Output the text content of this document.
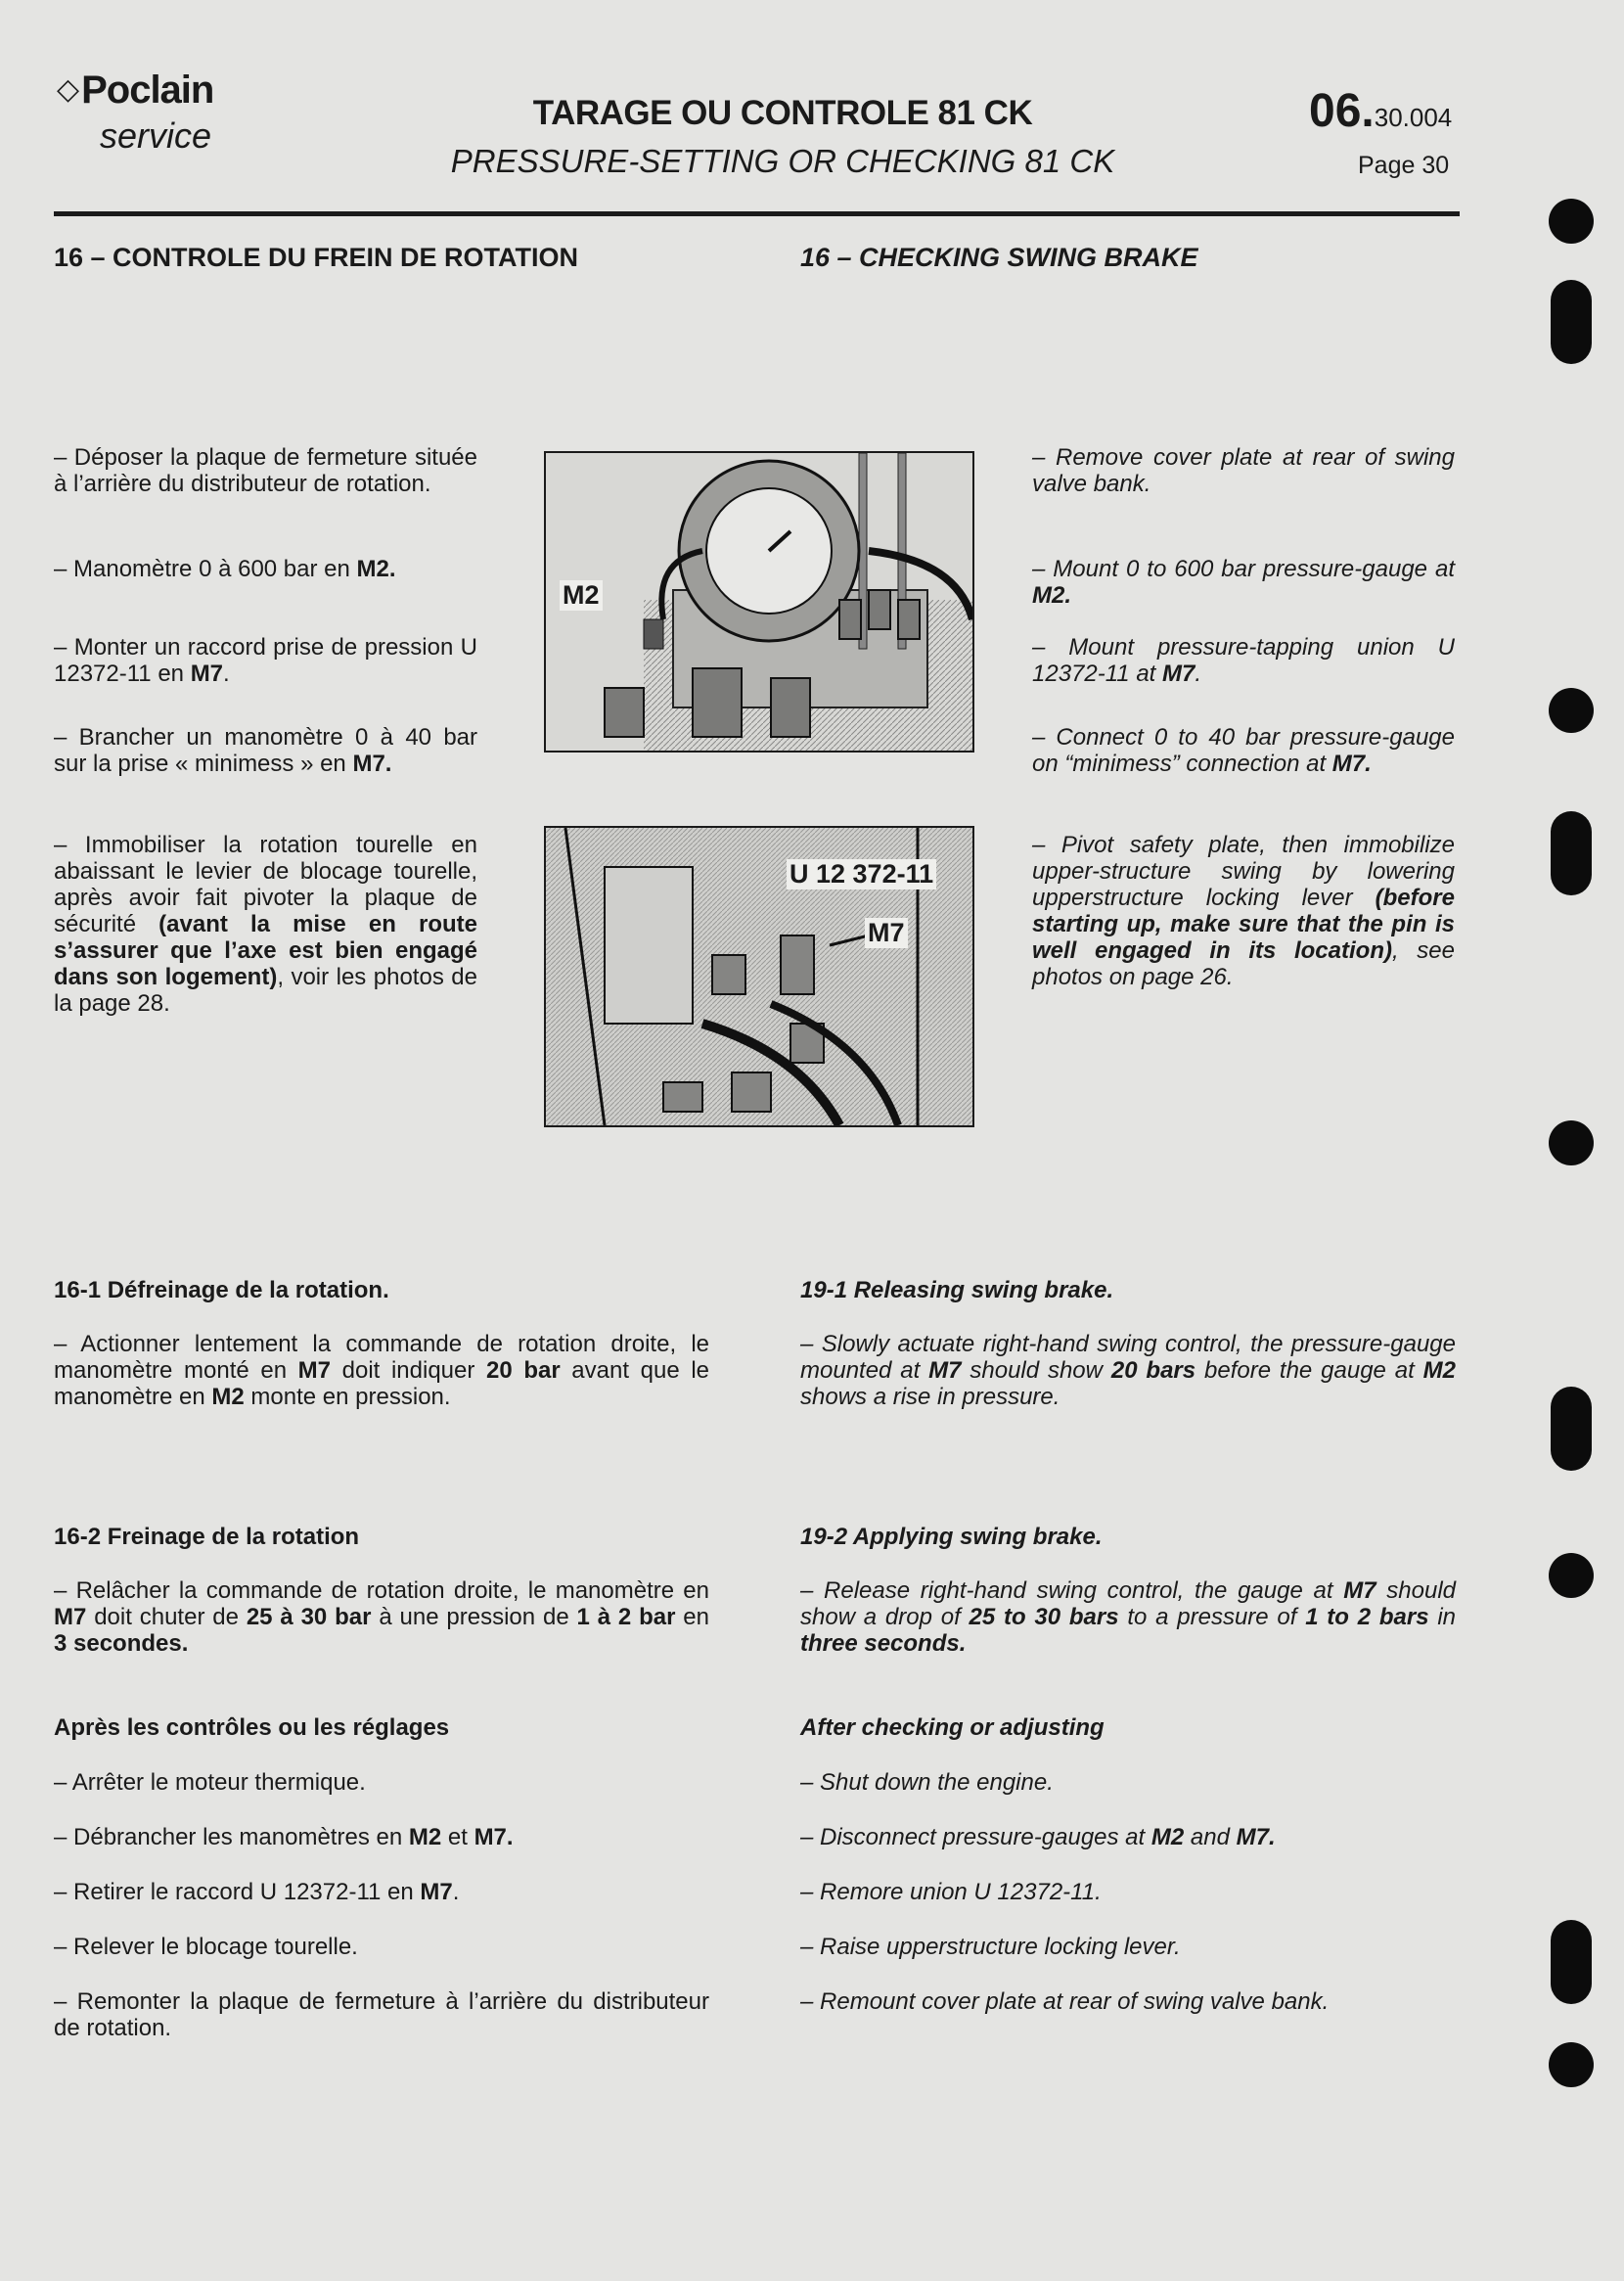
◇Poclain
service
TARAGE OU CONTROLE 81 CK
PRESSURE-SETTING OR CHECKING 81 CK
06.30.004
Page 30
16 – CONTROLE DU FREIN DE ROTATION	16 – CHECKING SWING BRAKE
– Déposer la plaque de fermeture située à l’arrière du distributeur de rotation.
– Manomètre 0 à 600 bar en M2.
– Monter un raccord prise de pression U 12372-11 en M7.
– Brancher un manomètre 0 à 40 bar sur la prise « minimess » en M7.
– Immobiliser la rotation tourelle en abaissant le levier de blocage tourelle, après avoir fait pivoter la plaque de sécurité (avant la mise en route s’assurer que l’axe est bien engagé dans son logement), voir les photos de la page 28.
M2
U 12 372-11
M7
– Remove cover plate at rear of swing valve bank.
– Mount 0 to 600 bar pressure-gauge at M2.
– Mount pressure-tapping union U 12372-11 at M7.
– Connect 0 to 40 bar pressure-gauge on “minimess” connection at M7.
– Pivot safety plate, then immobilize upper-structure swing by lowering upperstructure locking lever (before starting up, make sure that the pin is well engaged in its location), see photos on page 26.
16-1 Défreinage de la rotation.
– Actionner lentement la commande de rotation droite, le manomètre monté en M7 doit indiquer 20 bar avant que le manomètre en M2 monte en pression.
19-1 Releasing swing brake.
– Slowly actuate right-hand swing control, the pressure-gauge mounted at M7 should show 20 bars before the gauge at M2 shows a rise in pressure.
16-2 Freinage de la rotation
– Relâcher la commande de rotation droite, le manomètre en M7 doit chuter de 25 à 30 bar à une pression de 1 à 2 bar en 3 secondes.
19-2 Applying swing brake.
– Release right-hand swing control, the gauge at M7 should show a drop of 25 to 30 bars to a pressure of 1 to 2 bars in three seconds.
Après les contrôles ou les réglages
– Arrêter le moteur thermique.
– Débrancher les manomètres en M2 et M7.
– Retirer le raccord U 12372-11 en M7.
– Relever le blocage tourelle.
– Remonter la plaque de fermeture à l’arrière du distributeur de rotation.
After checking or adjusting
– Shut down the engine.
– Disconnect pressure-gauges at M2 and M7.
– Remore union U 12372-11.
– Raise upperstructure locking lever.
– Remount cover plate at rear of swing valve bank.
